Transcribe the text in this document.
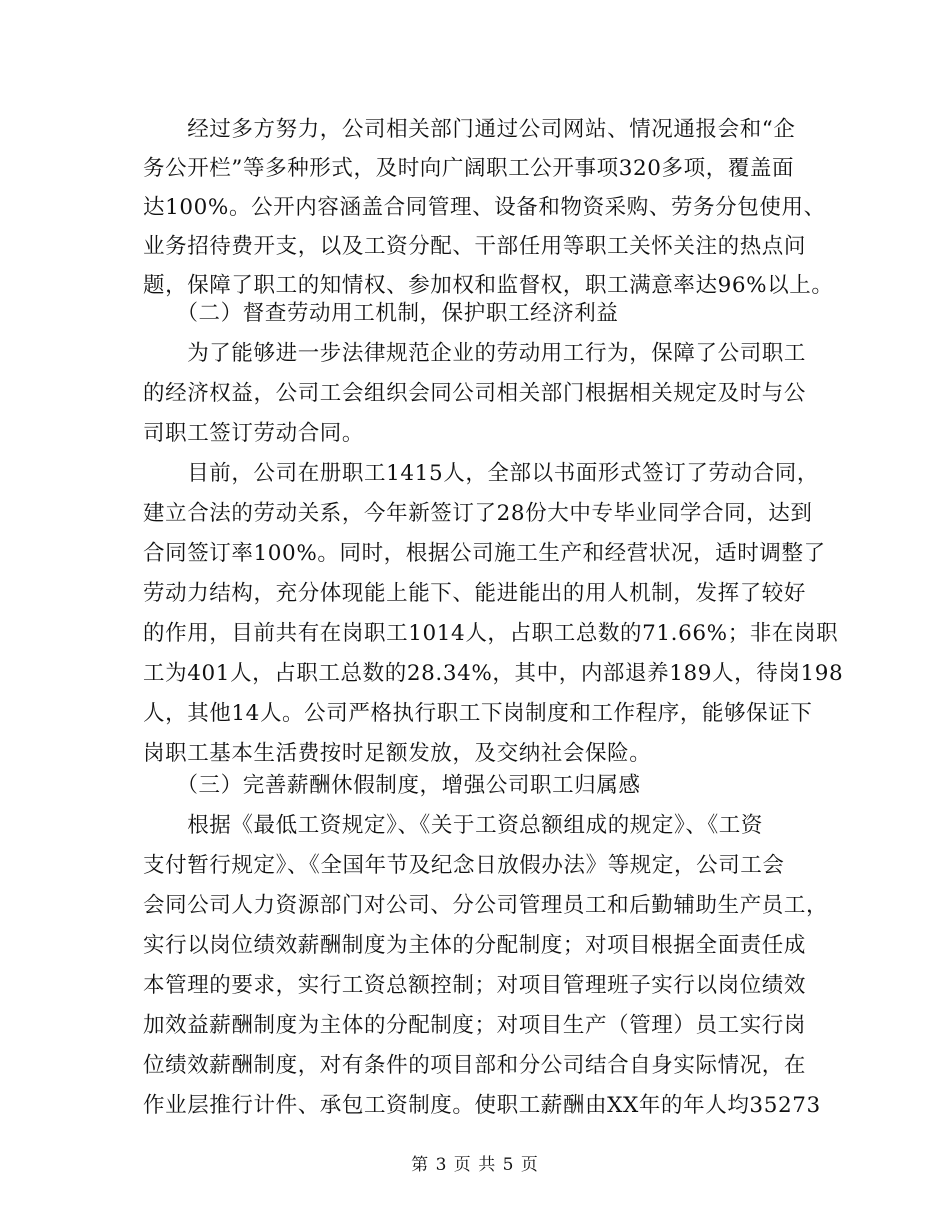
　　经过多方努力，公司相关部门通过公司网站、情况通报会和“企
务公开栏”等多种形式，及时向广阔职工公开事项320多项，覆盖面
达100%。公开内容涵盖合同管理、设备和物资采购、劳务分包使用、
业务招待费开支，以及工资分配、干部任用等职工关怀关注的热点问
题，保障了职工的知情权、参加权和监督权，职工满意率达96%以上。
　　（二）督查劳动用工机制，保护职工经济利益
　　为了能够进一步法律规范企业的劳动用工行为，保障了公司职工
的经济权益，公司工会组织会同公司相关部门根据相关规定及时与公
司职工签订劳动合同。
　　目前，公司在册职工1415人，全部以书面形式签订了劳动合同，
建立合法的劳动关系，今年新签订了28份大中专毕业同学合同，达到
合同签订率100%。同时，根据公司施工生产和经营状况，适时调整了
劳动力结构，充分体现能上能下、能进能出的用人机制，发挥了较好
的作用，目前共有在岗职工1014人，占职工总数的71.66%；非在岗职
工为401人，占职工总数的28.34%，其中，内部退养189人，待岗198
人，其他14人。公司严格执行职工下岗制度和工作程序，能够保证下
岗职工基本生活费按时足额发放，及交纳社会保险。
　　（三）完善薪酬休假制度，增强公司职工归属感
　　根据《最低工资规定》、《关于工资总额组成的规定》、《工资
支付暂行规定》、《全国年节及纪念日放假办法》等规定，公司工会
会同公司人力资源部门对公司、分公司管理员工和后勤辅助生产员工，
实行以岗位绩效薪酬制度为主体的分配制度；对项目根据全面责任成
本管理的要求，实行工资总额控制；对项目管理班子实行以岗位绩效
加效益薪酬制度为主体的分配制度；对项目生产（管理）员工实行岗
位绩效薪酬制度，对有条件的项目部和分公司结合自身实际情况，在
作业层推行计件、承包工资制度。使职工薪酬由XX年的年人均35273
第 3 页 共 5 页
